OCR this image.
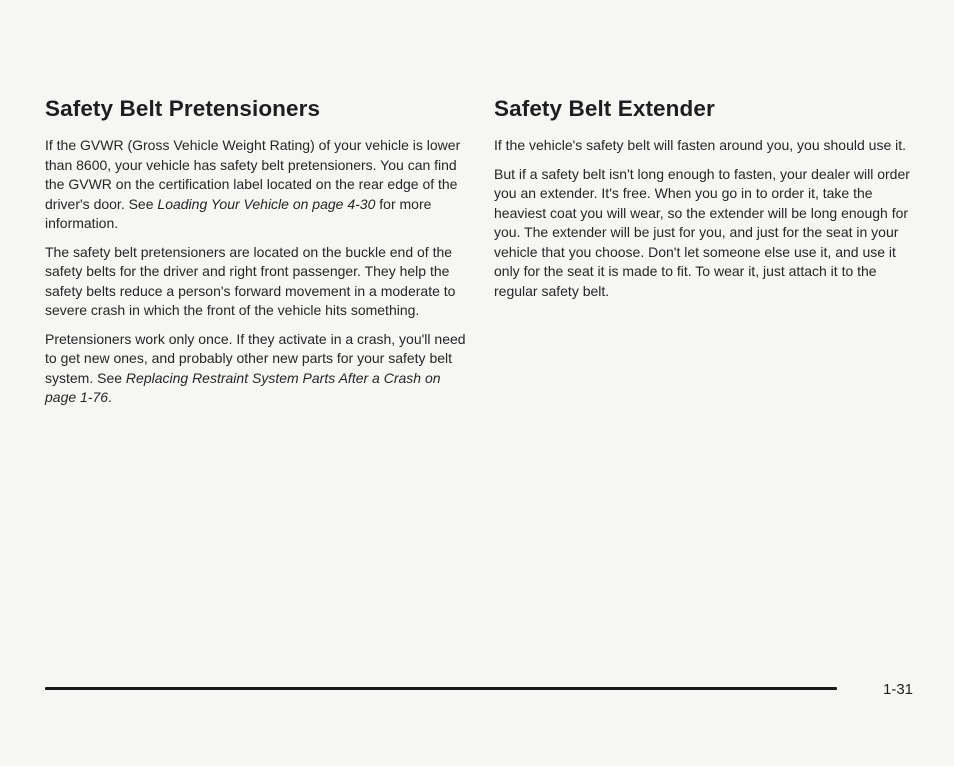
Safety Belt Pretensioners

If the GVWR (Gross Vehicle Weight Rating) of your vehicle is lower than 8600, your vehicle has safety belt pretensioners. You can find the GVWR on the certification label located on the rear edge of the driver's door. See Loading Your Vehicle on page 4-30 for more information.

The safety belt pretensioners are located on the buckle end of the safety belts for the driver and right front passenger. They help the safety belts reduce a person's forward movement in a moderate to severe crash in which the front of the vehicle hits something.

Pretensioners work only once. If they activate in a crash, you'll need to get new ones, and probably other new parts for your safety belt system. See Replacing Restraint System Parts After a Crash on page 1-76.

Safety Belt Extender

If the vehicle's safety belt will fasten around you, you should use it.

But if a safety belt isn't long enough to fasten, your dealer will order you an extender. It's free. When you go in to order it, take the heaviest coat you will wear, so the extender will be long enough for you. The extender will be just for you, and just for the seat in your vehicle that you choose. Don't let someone else use it, and use it only for the seat it is made to fit. To wear it, just attach it to the regular safety belt.

1-31
